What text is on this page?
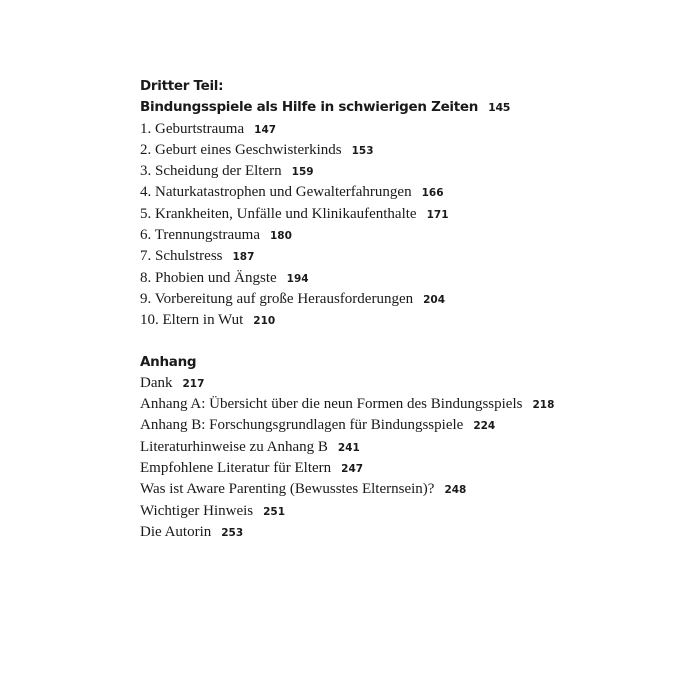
Dritter Teil:
Bindungsspiele als Hilfe in schwierigen Zeiten 145
1. Geburtstrauma 147
2. Geburt eines Geschwisterkinds 153
3. Scheidung der Eltern 159
4. Naturkatastrophen und Gewalterfahrungen 166
5. Krankheiten, Unfälle und Klinikaufenthalte 171
6. Trennungstrauma 180
7. Schulstress 187
8. Phobien und Ängste 194
9. Vorbereitung auf große Herausforderungen 204
10. Eltern in Wut 210
Anhang
Dank 217
Anhang A: Übersicht über die neun Formen des Bindungsspiels 218
Anhang B: Forschungsgrundlagen für Bindungsspiele 224
Literaturhinweise zu Anhang B 241
Empfohlene Literatur für Eltern 247
Was ist Aware Parenting (Bewusstes Elternsein)? 248
Wichtiger Hinweis 251
Die Autorin 253
